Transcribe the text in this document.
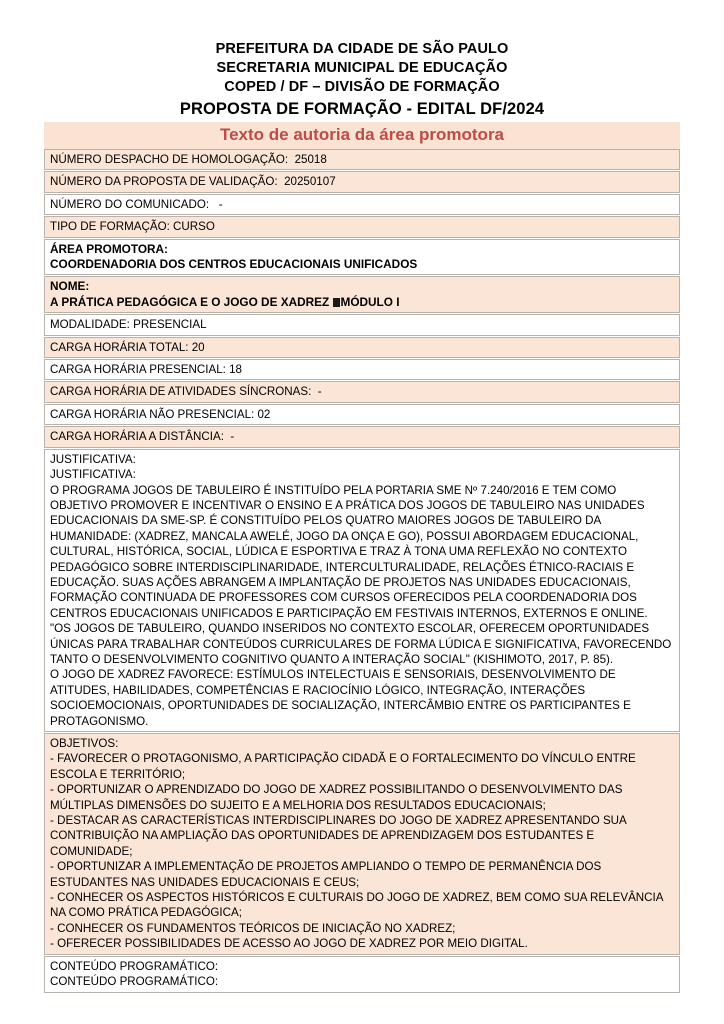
PREFEITURA DA CIDADE DE SÃO PAULO
SECRETARIA MUNICIPAL DE EDUCAÇÃO
COPED / DF – DIVISÃO DE FORMAÇÃO
PROPOSTA DE FORMAÇÃO - EDITAL DF/2024
Texto de autoria da área promotora
NÚMERO DESPACHO DE HOMOLOGAÇÃO:  25018
NÚMERO DA PROPOSTA DE VALIDAÇÃO:  20250107
NÚMERO DO COMUNICADO:   -
TIPO DE FORMAÇÃO: CURSO
ÁREA PROMOTORA:
COORDENADORIA DOS CENTROS EDUCACIONAIS UNIFICADOS
NOME:
A PRÁTICA PEDAGÓGICA E O JOGO DE XADREZ MÓDULO I
MODALIDADE: PRESENCIAL
CARGA HORÁRIA TOTAL: 20
CARGA HORÁRIA PRESENCIAL: 18
CARGA HORÁRIA DE ATIVIDADES SÍNCRONAS:  -
CARGA HORÁRIA NÃO PRESENCIAL: 02
CARGA HORÁRIA A DISTÂNCIA:  -
JUSTIFICATIVA:
JUSTIFICATIVA:
O PROGRAMA JOGOS DE TABULEIRO É INSTITUÍDO PELA PORTARIA SME Nº 7.240/2016 E TEM COMO OBJETIVO PROMOVER E INCENTIVAR O ENSINO E A PRÁTICA DOS JOGOS DE TABULEIRO NAS UNIDADES EDUCACIONAIS DA SME-SP. É CONSTITUÍDO PELOS QUATRO MAIORES JOGOS DE TABULEIRO DA HUMANIDADE: (XADREZ, MANCALA AWELÉ, JOGO DA ONÇA E GO), POSSUI ABORDAGEM EDUCACIONAL, CULTURAL, HISTÓRICA, SOCIAL, LÚDICA E ESPORTIVA E TRAZ À TONA UMA REFLEXÃO NO CONTEXTO PEDAGÓGICO SOBRE INTERDISCIPLINARIDADE, INTERCULTURALIDADE, RELAÇÕES ÉTNICO-RACIAIS E EDUCAÇÃO. SUAS AÇÕES ABRANGEM A IMPLANTAÇÃO DE PROJETOS NAS UNIDADES EDUCACIONAIS, FORMAÇÃO CONTINUADA DE PROFESSORES COM CURSOS OFERECIDOS PELA COORDENADORIA DOS CENTROS EDUCACIONAIS UNIFICADOS E PARTICIPAÇÃO EM FESTIVAIS INTERNOS, EXTERNOS E ONLINE.
"OS JOGOS DE TABULEIRO, QUANDO INSERIDOS NO CONTEXTO ESCOLAR, OFERECEM OPORTUNIDADES ÚNICAS PARA TRABALHAR CONTEÚDOS CURRICULARES DE FORMA LÚDICA E SIGNIFICATIVA, FAVORECENDO TANTO O DESENVOLVIMENTO COGNITIVO QUANTO A INTERAÇÃO SOCIAL" (KISHIMOTO, 2017, P. 85).
O JOGO DE XADREZ FAVORECE: ESTÍMULOS INTELECTUAIS E SENSORIAIS, DESENVOLVIMENTO DE ATITUDES, HABILIDADES, COMPETÊNCIAS E RACIOCÍNIO LÓGICO, INTEGRAÇÃO, INTERAÇÕES SOCIOEMOCIONAIS, OPORTUNIDADES DE SOCIALIZAÇÃO, INTERCÂMBIO ENTRE OS PARTICIPANTES E PROTAGONISMO.
OBJETIVOS:
- FAVORECER O PROTAGONISMO, A PARTICIPAÇÃO CIDADÃ E O FORTALECIMENTO DO VÍNCULO ENTRE ESCOLA E TERRITÓRIO;
- OPORTUNIZAR O APRENDIZADO DO JOGO DE XADREZ POSSIBILITANDO O DESENVOLVIMENTO DAS MÚLTIPLAS DIMENSÕES DO SUJEITO E A MELHORIA DOS RESULTADOS EDUCACIONAIS;
- DESTACAR AS CARACTERÍSTICAS INTERDISCIPLINARES DO JOGO DE XADREZ APRESENTANDO SUA CONTRIBUIÇÃO NA AMPLIAÇÃO DAS OPORTUNIDADES DE APRENDIZAGEM DOS ESTUDANTES E COMUNIDADE;
- OPORTUNIZAR A IMPLEMENTAÇÃO DE PROJETOS AMPLIANDO O TEMPO DE PERMANÊNCIA DOS ESTUDANTES NAS UNIDADES EDUCACIONAIS E CEUS;
- CONHECER OS ASPECTOS HISTÓRICOS E CULTURAIS DO JOGO DE XADREZ, BEM COMO SUA RELEVÂNCIA NA COMO PRÁTICA PEDAGÓGICA;
- CONHECER OS FUNDAMENTOS TEÓRICOS DE INICIAÇÃO NO XADREZ;
- OFERECER POSSIBILIDADES DE ACESSO AO JOGO DE XADREZ POR MEIO DIGITAL.
CONTEÚDO PROGRAMÁTICO:
CONTEÚDO PROGRAMÁTICO:
